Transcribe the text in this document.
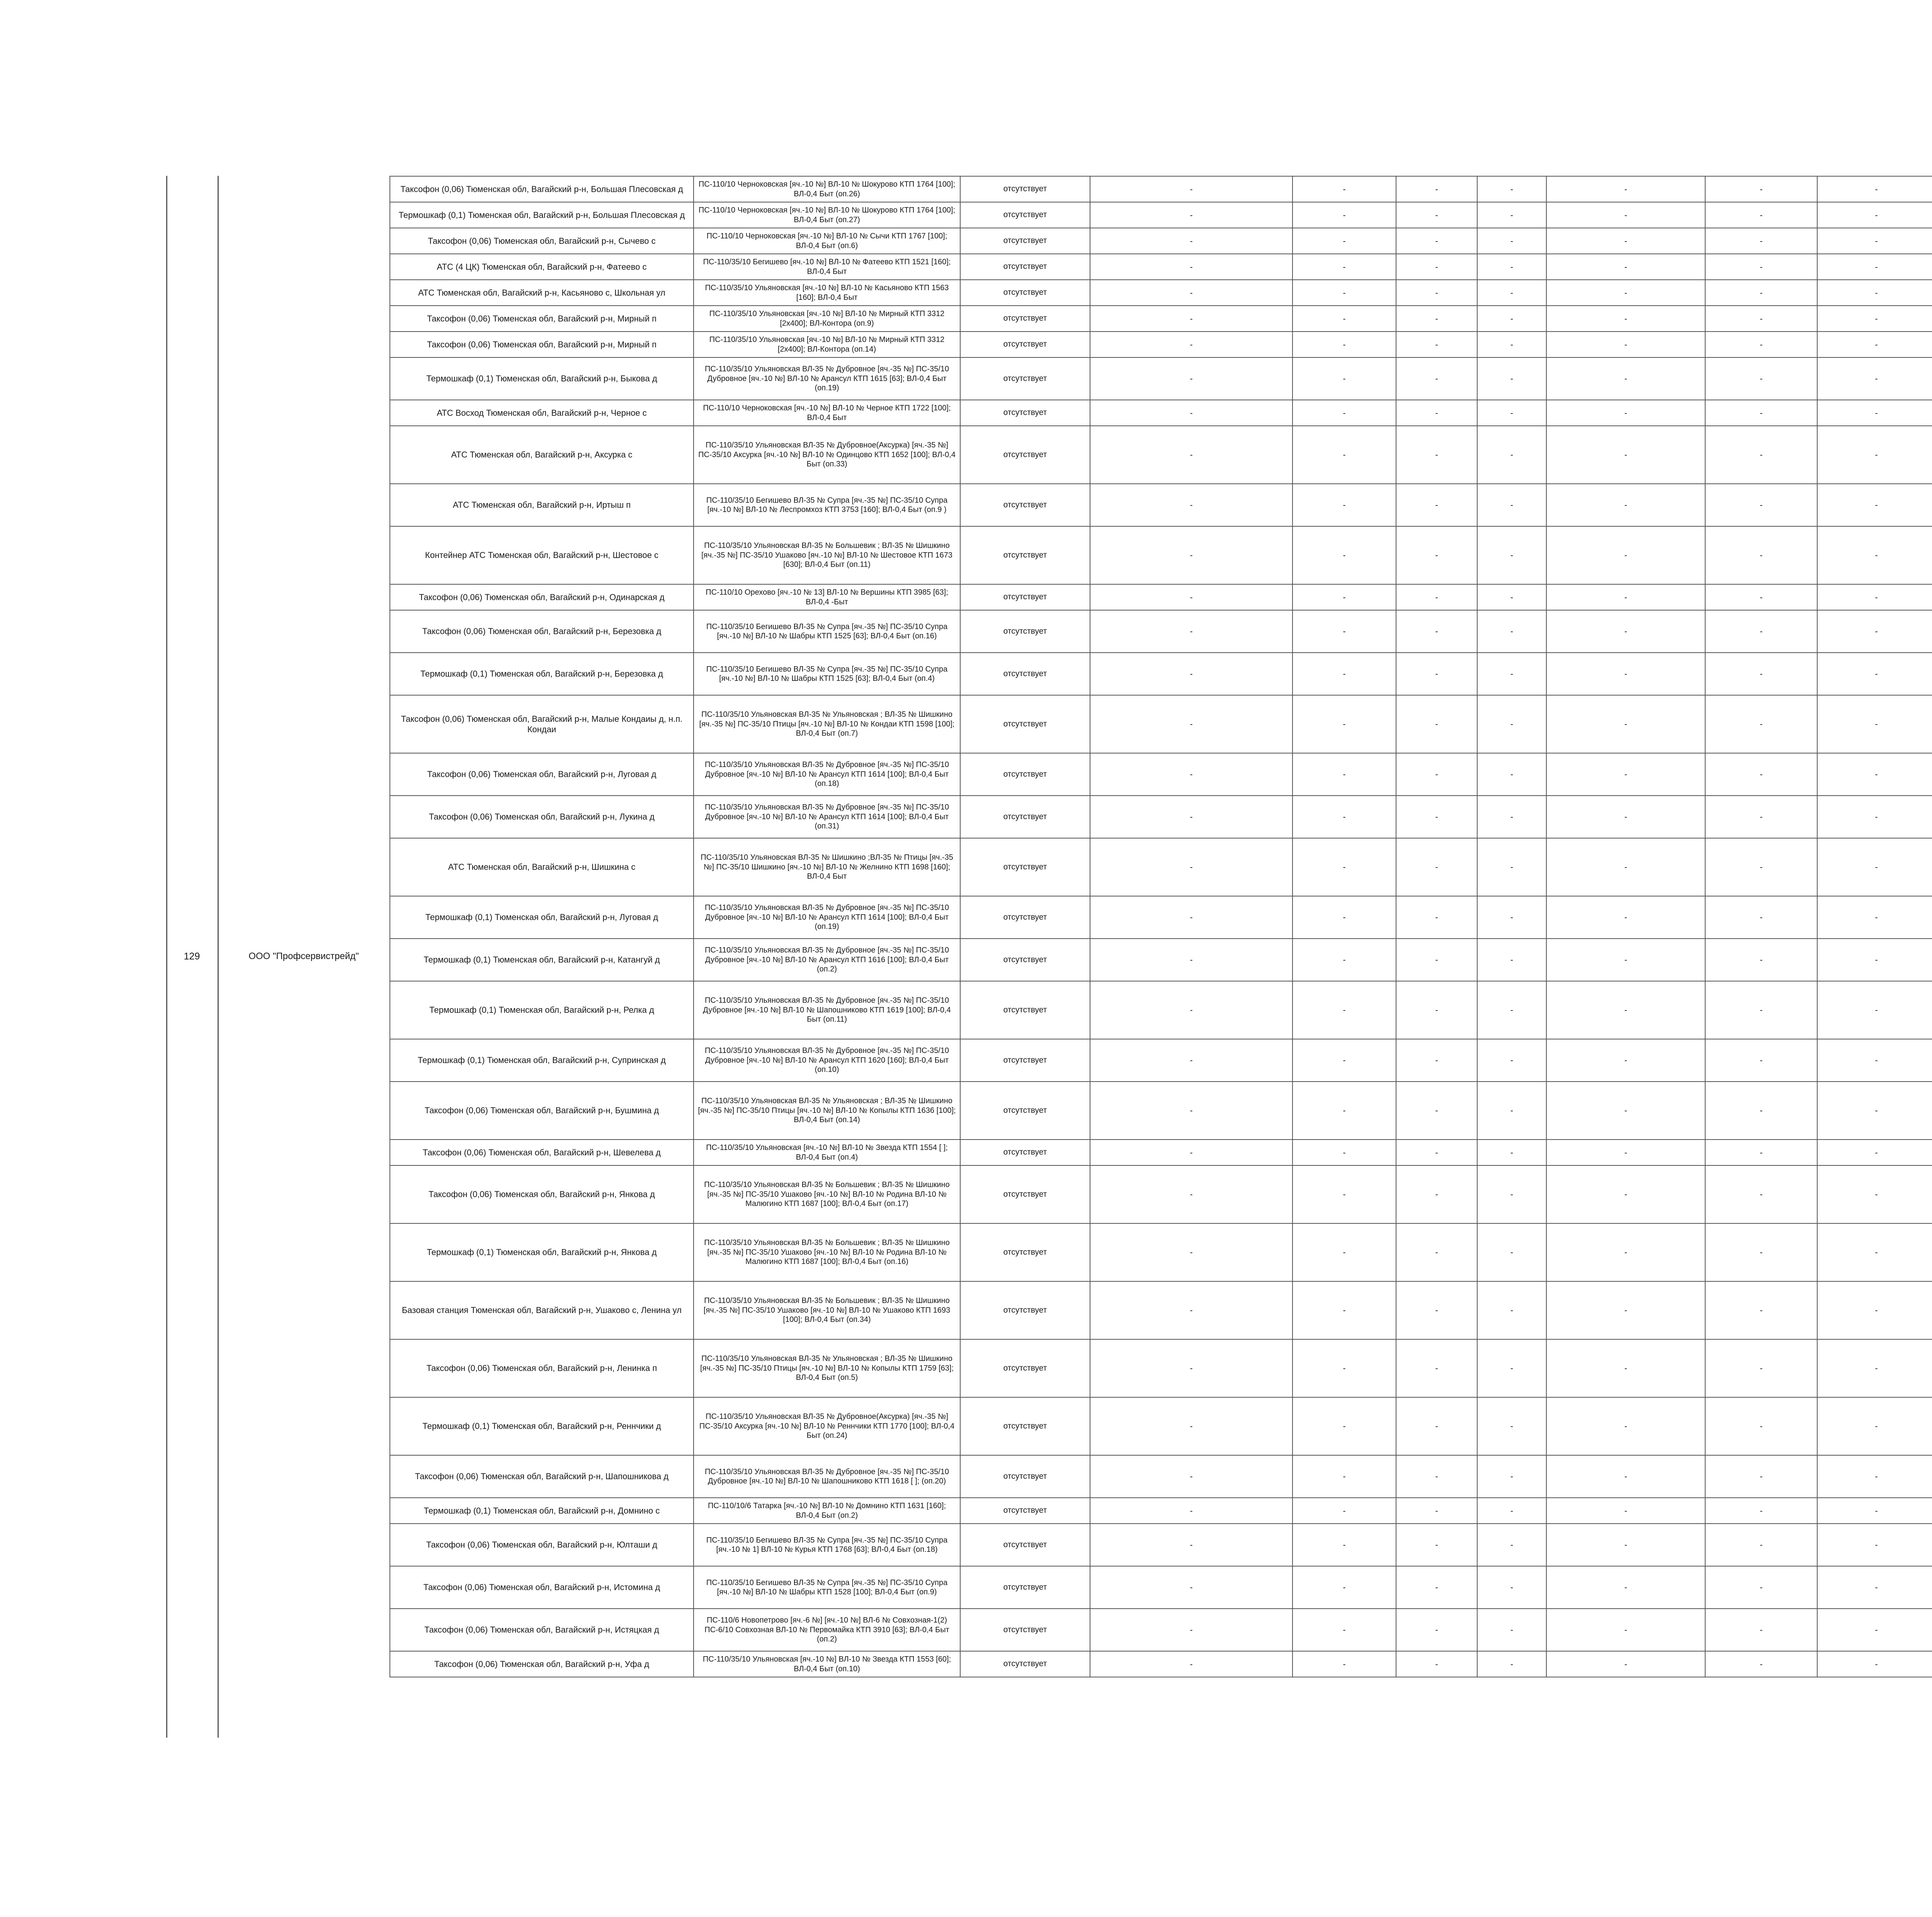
129	ООО "Профсервистрейд"
Таксофон (0,06) Тюменская обл, Вагайский р-н, Большая Плесовская д	ПС-110/10 Черноковская [яч.-10 №] ВЛ-10 № Шокурово КТП 1764 [100]; ВЛ-0,4 Быт (оп.26)	отсутствует	-	-	-	-	-	-	-
Термошкаф (0,1) Тюменская обл, Вагайский р-н, Большая Плесовская д	ПС-110/10 Черноковская [яч.-10 №] ВЛ-10 № Шокурово КТП 1764 [100]; ВЛ-0,4 Быт (оп.27)	отсутствует	-	-	-	-	-	-	-
Таксофон (0,06) Тюменская обл, Вагайский р-н, Сычево с	ПС-110/10 Черноковская [яч.-10 №] ВЛ-10 № Сычи КТП 1767 [100]; ВЛ-0,4 Быт (оп.6)	отсутствует	-	-	-	-	-	-	-
АТС (4 ЦК) Тюменская обл, Вагайский р-н, Фатеево с	ПС-110/35/10 Бегишево [яч.-10 №] ВЛ-10 № Фатеево КТП 1521 [160]; ВЛ-0,4 Быт	отсутствует	-	-	-	-	-	-	-
АТС Тюменская обл, Вагайский р-н, Касьяново с, Школьная ул	ПС-110/35/10 Ульяновская [яч.-10 №] ВЛ-10 № Касьяново КТП 1563 [160]; ВЛ-0,4 Быт	отсутствует	-	-	-	-	-	-	-
Таксофон (0,06) Тюменская обл, Вагайский р-н, Мирный п	ПС-110/35/10 Ульяновская [яч.-10 №] ВЛ-10 № Мирный КТП 3312 [2х400]; ВЛ-Контора (оп.9)	отсутствует	-	-	-	-	-	-	-
Таксофон (0,06) Тюменская обл, Вагайский р-н, Мирный п	ПС-110/35/10 Ульяновская [яч.-10 №] ВЛ-10 № Мирный КТП 3312 [2х400]; ВЛ-Контора (оп.14)	отсутствует	-	-	-	-	-	-	-
Термошкаф (0,1) Тюменская обл, Вагайский р-н, Быкова д	ПС-110/35/10 Ульяновская ВЛ-35 № Дубровное [яч.-35 №] ПС-35/10 Дубровное [яч.-10 №] ВЛ-10 № Арансул КТП 1615 [63]; ВЛ-0,4 Быт (оп.19)	отсутствует	-	-	-	-	-	-	-
АТС Восход Тюменская обл, Вагайский р-н, Черное с	ПС-110/10 Черноковская [яч.-10 №] ВЛ-10 № Черное КТП 1722 [100]; ВЛ-0,4 Быт	отсутствует	-	-	-	-	-	-	-
АТС Тюменская обл, Вагайский р-н, Аксурка с	ПС-110/35/10 Ульяновская ВЛ-35 № Дубровное(Аксурка) [яч.-35 №] ПС-35/10 Аксурка [яч.-10 №] ВЛ-10 № Одинцово КТП 1652 [100]; ВЛ-0,4 Быт (оп.33)	отсутствует	-	-	-	-	-	-	-
АТС Тюменская обл, Вагайский р-н, Иртыш п	ПС-110/35/10 Бегишево ВЛ-35 № Супра [яч.-35 №] ПС-35/10 Супра [яч.-10 №] ВЛ-10 № Леспромхоз КТП 3753 [160]; ВЛ-0,4 Быт (оп.9 )	отсутствует	-	-	-	-	-	-	-
Контейнер АТС Тюменская обл, Вагайский р-н, Шестовое с	ПС-110/35/10 Ульяновская ВЛ-35 № Большевик ; ВЛ-35 № Шишкино [яч.-35 №] ПС-35/10 Ушаково [яч.-10 №] ВЛ-10 № Шестовое КТП 1673 [630]; ВЛ-0,4 Быт (оп.11)	отсутствует	-	-	-	-	-	-	-
Таксофон (0,06) Тюменская обл, Вагайский р-н, Одинарская д	ПС-110/10 Орехово [яч.-10 № 13] ВЛ-10 № Вершины КТП 3985 [63]; ВЛ-0,4 -Быт	отсутствует	-	-	-	-	-	-	-
Таксофон (0,06) Тюменская обл, Вагайский р-н, Березовка д	ПС-110/35/10 Бегишево ВЛ-35 № Супра [яч.-35 №] ПС-35/10 Супра [яч.-10 №] ВЛ-10 № Шабры КТП 1525 [63]; ВЛ-0,4 Быт (оп.16)	отсутствует	-	-	-	-	-	-	-
Термошкаф (0,1) Тюменская обл, Вагайский р-н, Березовка д	ПС-110/35/10 Бегишево ВЛ-35 № Супра [яч.-35 №] ПС-35/10 Супра [яч.-10 №] ВЛ-10 № Шабры КТП 1525 [63]; ВЛ-0,4 Быт (оп.4)	отсутствует	-	-	-	-	-	-	-
Таксофон (0,06) Тюменская обл, Вагайский р-н, Малые Кондаиы д, н.п. Кондаи	ПС-110/35/10 Ульяновская ВЛ-35 № Ульяновская ; ВЛ-35 № Шишкино [яч.-35 №] ПС-35/10 Птицы [яч.-10 №] ВЛ-10 № Кондаи КТП 1598 [100]; ВЛ-0,4 Быт (оп.7)	отсутствует	-	-	-	-	-	-	-
Таксофон (0,06) Тюменская обл, Вагайский р-н, Луговая д	ПС-110/35/10 Ульяновская ВЛ-35 № Дубровное [яч.-35 №] ПС-35/10 Дубровное [яч.-10 №] ВЛ-10 № Арансул КТП 1614 [100]; ВЛ-0,4 Быт (оп.18)	отсутствует	-	-	-	-	-	-	-
Таксофон (0,06) Тюменская обл, Вагайский р-н, Лукина д	ПС-110/35/10 Ульяновская ВЛ-35 № Дубровное [яч.-35 №] ПС-35/10 Дубровное [яч.-10 №] ВЛ-10 № Арансул КТП 1614 [100]; ВЛ-0,4 Быт (оп.31)	отсутствует	-	-	-	-	-	-	-
АТС Тюменская обл, Вагайский р-н, Шишкина с	ПС-110/35/10 Ульяновская ВЛ-35 № Шишкино ;ВЛ-35 № Птицы [яч.-35 №] ПС-35/10 Шишкино [яч.-10 №] ВЛ-10 № Желнино КТП 1698 [160]; ВЛ-0,4 Быт	отсутствует	-	-	-	-	-	-	-
Термошкаф (0,1) Тюменская обл, Вагайский р-н, Луговая д	ПС-110/35/10 Ульяновская ВЛ-35 № Дубровное [яч.-35 №] ПС-35/10 Дубровное [яч.-10 №] ВЛ-10 № Арансул КТП 1614 [100]; ВЛ-0,4 Быт (оп.19)	отсутствует	-	-	-	-	-	-	-
Термошкаф (0,1) Тюменская обл, Вагайский р-н, Катангуй д	ПС-110/35/10 Ульяновская ВЛ-35 № Дубровное [яч.-35 №] ПС-35/10 Дубровное [яч.-10 №] ВЛ-10 № Арансул КТП 1616 [100]; ВЛ-0,4 Быт (оп.2)	отсутствует	-	-	-	-	-	-	-
Термошкаф (0,1) Тюменская обл, Вагайский р-н, Релка д	ПС-110/35/10 Ульяновская ВЛ-35 № Дубровное [яч.-35 №] ПС-35/10 Дубровное [яч.-10 №] ВЛ-10 № Шапошниково КТП 1619 [100]; ВЛ-0,4 Быт (оп.11)	отсутствует	-	-	-	-	-	-	-
Термошкаф (0,1) Тюменская обл, Вагайский р-н, Супринская д	ПС-110/35/10 Ульяновская ВЛ-35 № Дубровное [яч.-35 №] ПС-35/10 Дубровное [яч.-10 №] ВЛ-10 № Арансул КТП 1620 [160]; ВЛ-0,4 Быт (оп.10)	отсутствует	-	-	-	-	-	-	-
Таксофон (0,06) Тюменская обл, Вагайский р-н, Бушмина д	ПС-110/35/10 Ульяновская ВЛ-35 № Ульяновская ; ВЛ-35 № Шишкино [яч.-35 №] ПС-35/10 Птицы [яч.-10 №] ВЛ-10 № Копылы КТП 1636 [100]; ВЛ-0,4 Быт (оп.14)	отсутствует	-	-	-	-	-	-	-
Таксофон (0,06) Тюменская обл, Вагайский р-н, Шевелева д	ПС-110/35/10 Ульяновская [яч.-10 №] ВЛ-10 № Звезда КТП 1554 [ ]; ВЛ-0,4 Быт (оп.4)	отсутствует	-	-	-	-	-	-	-
Таксофон (0,06) Тюменская обл, Вагайский р-н, Янкова д	ПС-110/35/10 Ульяновская ВЛ-35 № Большевик ; ВЛ-35 № Шишкино [яч.-35 №] ПС-35/10 Ушаково [яч.-10 №] ВЛ-10 № Родина ВЛ-10 № Малюгино КТП 1687 [100]; ВЛ-0,4 Быт (оп.17)	отсутствует	-	-	-	-	-	-	-
Термошкаф (0,1) Тюменская обл, Вагайский р-н, Янкова д	ПС-110/35/10 Ульяновская ВЛ-35 № Большевик ; ВЛ-35 № Шишкино [яч.-35 №] ПС-35/10 Ушаково [яч.-10 №] ВЛ-10 № Родина ВЛ-10 № Малюгино КТП 1687 [100]; ВЛ-0,4 Быт (оп.16)	отсутствует	-	-	-	-	-	-	-
Базовая станция Тюменская обл, Вагайский р-н, Ушаково с, Ленина ул	ПС-110/35/10 Ульяновская ВЛ-35 № Большевик ; ВЛ-35 № Шишкино [яч.-35 №] ПС-35/10 Ушаково [яч.-10 №] ВЛ-10 № Ушаково КТП 1693 [100]; ВЛ-0,4 Быт (оп.34)	отсутствует	-	-	-	-	-	-	-
Таксофон (0,06) Тюменская обл, Вагайский р-н, Ленинка п	ПС-110/35/10 Ульяновская ВЛ-35 № Ульяновская ; ВЛ-35 № Шишкино [яч.-35 №] ПС-35/10 Птицы [яч.-10 №] ВЛ-10 № Копылы КТП 1759 [63]; ВЛ-0,4 Быт (оп.5)	отсутствует	-	-	-	-	-	-	-
Термошкаф (0,1) Тюменская обл, Вагайский р-н, Реннчики д	ПС-110/35/10 Ульяновская ВЛ-35 № Дубровное(Аксурка) [яч.-35 №] ПС-35/10 Аксурка [яч.-10 №] ВЛ-10 № Реннчики КТП 1770 [100]; ВЛ-0,4 Быт (оп.24)	отсутствует	-	-	-	-	-	-	-
Таксофон (0,06) Тюменская обл, Вагайский р-н, Шапошникова д	ПС-110/35/10 Ульяновская ВЛ-35 № Дубровное [яч.-35 №] ПС-35/10 Дубровное [яч.-10 №] ВЛ-10 № Шапошниково КТП 1618 [ ]; (оп.20)	отсутствует	-	-	-	-	-	-	-
Термошкаф (0,1) Тюменская обл, Вагайский р-н, Домнино с	ПС-110/10/6 Татарка [яч.-10 №] ВЛ-10 № Домнино КТП 1631 [160]; ВЛ-0,4 Быт (оп.2)	отсутствует	-	-	-	-	-	-	-
Таксофон (0,06) Тюменская обл, Вагайский р-н, Юлташи д	ПС-110/35/10 Бегишево ВЛ-35 № Супра [яч.-35 №] ПС-35/10 Супра [яч.-10 № 1] ВЛ-10 № Курья КТП 1768 [63]; ВЛ-0,4 Быт (оп.18)	отсутствует	-	-	-	-	-	-	-
Таксофон (0,06) Тюменская обл, Вагайский р-н, Истомина д	ПС-110/35/10 Бегишево ВЛ-35 № Супра [яч.-35 №] ПС-35/10 Супра [яч.-10 №] ВЛ-10 № Шабры КТП 1528 [100]; ВЛ-0,4 Быт (оп.9)	отсутствует	-	-	-	-	-	-	-
Таксофон (0,06) Тюменская обл, Вагайский р-н, Истяцкая д	ПС-110/6 Новопетрово [яч.-6 №] [яч.-10 №] ВЛ-6 № Совхозная-1(2) ПС-6/10 Совхозная ВЛ-10 № Первомайка КТП 3910 [63]; ВЛ-0,4 Быт (оп.2)	отсутствует	-	-	-	-	-	-	-
Таксофон (0,06) Тюменская обл, Вагайский р-н, Уфа д	ПС-110/35/10 Ульяновская [яч.-10 №] ВЛ-10 № Звезда КТП 1553 [60]; ВЛ-0,4 Быт (оп.10)	отсутствует	-	-	-	-	-	-	-
